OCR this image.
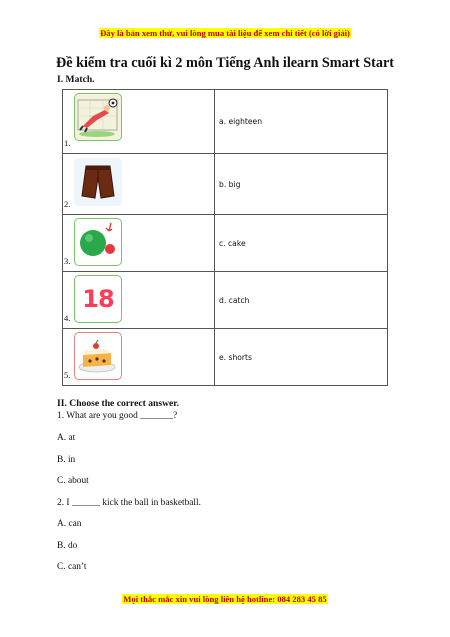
Đây là bản xem thử, vui lòng mua tài liệu để xem chi tiết (có lời giải)
Đề kiểm tra cuối kì 2 môn Tiếng Anh ilearn Smart Start
I. Match.
1.	a. eighteen

2.	b. big

3.	c. cake

18
4.	d. catch

5.	e. shorts
II. Choose the correct answer.
1. What are you good _______?
A. at
B. in
C. about
2. I ______ kick the ball in basketball.
A. can
B. do
C. can’t
Mọi thắc mắc xin vui lòng liên hệ hotline: 084 283 45 85
